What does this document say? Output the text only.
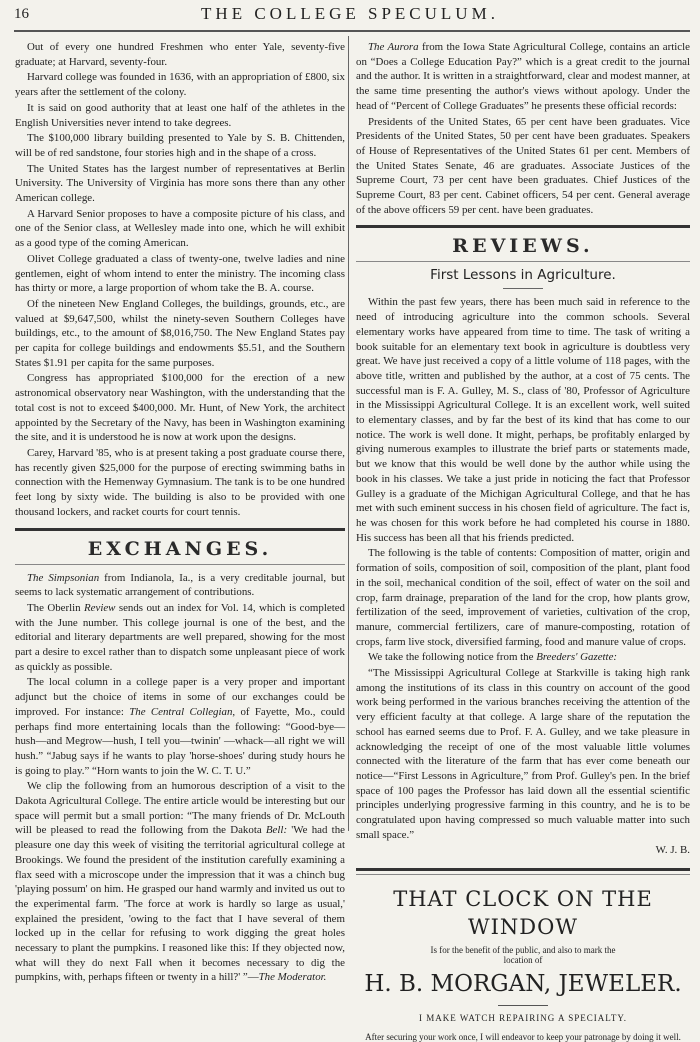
16	THE COLLEGE SPECULUM.

Out of every one hundred Freshmen who enter Yale, seventy-five graduate; at Harvard, seventy-four.

Harvard college was founded in 1636, with an appropriation of £800, six years after the settlement of the colony.

It is said on good authority that at least one half of the athletes in the English Universities never intend to take degrees.

The $100,000 library building presented to Yale by S. B. Chittenden, will be of red sandstone, four stories high and in the shape of a cross.

The United States has the largest number of representatives at Berlin University. The University of Virginia has more sons there than any other American college.

A Harvard Senior proposes to have a composite picture of his class, and one of the Senior class, at Wellesley made into one, which he will exhibit as a good type of the coming American.

Olivet College graduated a class of twenty-one, twelve ladies and nine gentlemen, eight of whom intend to enter the ministry. The incoming class has thirty or more, a large proportion of whom take the B. A. course.

Of the nineteen New England Colleges, the buildings, grounds, etc., are valued at $9,647,500, whilst the ninety-seven Southern Colleges have buildings, etc., to the amount of $8,016,750. The New England States pay per capita for college buildings and endowments $5.51, and the Southern States $1.91 per capita for the same purposes.

Congress has appropriated $100,000 for the erection of a new astronomical observatory near Washington, with the understanding that the total cost is not to exceed $400,000. Mr. Hunt, of New York, the architect appointed by the Secretary of the Navy, has been in Washington examining the site, and it is understood he is now at work upon the designs.

Carey, Harvard '85, who is at present taking a post graduate course there, has recently given $25,000 for the purpose of erecting swimming baths in connection with the Hemenway Gymnasium. The tank is to be one hundred feet long by sixty wide. The building is also to be provided with one thousand lockers, and racket courts for court tennis.

EXCHANGES.

The Simpsonian from Indianola, Ia., is a very creditable journal, but seems to lack systematic arrangement of contributions.

The Oberlin Review sends out an index for Vol. 14, which is completed with the June number. This college journal is one of the best, and the editorial and literary departments are well prepared, showing for the most part a desire to excel rather than to dispatch some unpleasant piece of work as quickly as possible.

The local column in a college paper is a very proper and important adjunct but the choice of items in some of our exchanges could be improved. For instance: The Central Collegian, of Fayette, Mo., could perhaps find more entertaining locals than the following: “Good-bye—hush—and Megrow—hush, I tell you—twinin' —whack—all right we will hush.” “Jabug says if he wants to play 'horse-shoes' during study hours he is going to play.” “Horn wants to join the W. C. T. U.”

We clip the following from an humorous description of a visit to the Dakota Agricultural College. The entire article would be interesting but our space will permit but a small portion: “The many friends of Dr. McLouth will be pleased to read the following from the Dakota Bell: 'We had the pleasure one day this week of visiting the territorial agricultural college at Brookings. We found the president of the institution carefully examining a flax seed with a microscope under the impression that it was a chinch bug 'playing possum' on him. He grasped our hand warmly and invited us out to the experimental farm. 'The force at work is hardly so large as usual,' explained the president, 'owing to the fact that I have several of them locked up in the cellar for refusing to work digging the great holes necessary to plant the pumpkins. I reasoned like this: If they objected now, what will they do next Fall when it becomes necessary to dig the pumpkins, with, perhaps fifteen or twenty in a hill?' ”—The Moderator.

The Aurora from the Iowa State Agricultural College, contains an article on “Does a College Education Pay?” which is a great credit to the journal and the author. It is written in a straightforward, clear and modest manner, at the same time presenting the author's views without apology. Under the head of “Percent of College Graduates” he presents these official records:

Presidents of the United States, 65 per cent have been graduates. Vice Presidents of the United States, 50 per cent have been graduates. Speakers of House of Representatives of the United States 61 per cent. Members of the United States Senate, 46 are graduates. Associate Justices of the Supreme Court, 73 per cent have been graduates. Chief Justices of the Supreme Court, 83 per cent. Cabinet officers, 54 per cent. General average of the above officers 59 per cent. have been graduates.

REVIEWS.
First Lessons in Agriculture.

Within the past few years, there has been much said in reference to the need of introducing agriculture into the common schools. Several elementary works have appeared from time to time. The task of writing a book suitable for an elementary text book in agriculture is doubtless very great. We have just received a copy of a little volume of 118 pages, with the above title, written and published by the author, at a cost of 75 cents. The successful man is F. A. Gulley, M. S., class of '80, Professor of Agriculture in the Mississippi Agricultural College. It is an excellent work, well suited to elementary classes, and by far the best of its kind that has come to our notice. The work is well done. It might, perhaps, be profitably enlarged by giving numerous examples to illustrate the brief parts or statements made, but we know that this would be well done by the author while using the book in his classes. We take a just pride in noticing the fact that Professor Gulley is a graduate of the Michigan Agricultural College, and that he has met with such eminent success in his chosen field of agriculture. The fact is, he was chosen for this work before he had completed his course in 1880. His success has been all that his friends predicted.

The following is the table of contents: Composition of matter, origin and formation of soils, composition of soil, composition of the plant, plant food in the soil, mechanical condition of the soil, effect of water on the soil and crop, farm drainage, preparation of the land for the crop, how plants grow, fertilization of the seed, improvement of varieties, cultivation of the crop, manure, commercial fertilizers, care of manure-composting, rotation of crops, farm live stock, diversified farming, food and manure value of crops.

We take the following notice from the Breeders' Gazette:

“The Mississippi Agricultural College at Starkville is taking high rank among the institutions of its class in this country on account of the good work being performed in the various branches receiving the attention of the very efficient faculty at that college. A large share of the reputation the school has earned seems due to Prof. F. A. Gulley, and we take pleasure in acknowledging the receipt of one of the most valuable little volumes connected with the literature of the farm that has ever come beneath our notice—“First Lessons in Agriculture,” from Prof. Gulley's pen. In the brief space of 100 pages the Professor has laid down all the essential scientific principles underlying progressive farming in this country, and he is to be congratulated upon having compressed so much valuable matter into such small space.”

W. J. B.
THAT CLOCK ON THE WINDOW
Is for the benefit of the public, and also to mark the location of
H. B. MORGAN, JEWELER.
I MAKE WATCH REPAIRING A SPECIALTY.
After securing your work once, I will endeavor to keep your patronage by doing it well.
